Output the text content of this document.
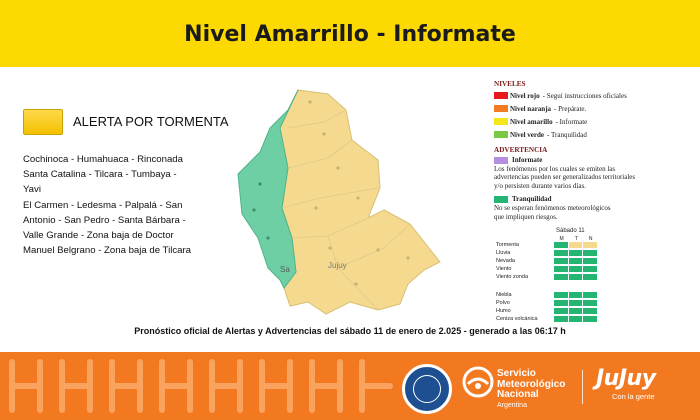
Nivel Amarrillo - Informate
ALERTA POR TORMENTA

Cochinoca - Humahuaca - Rinconada

Santa Catalina - Tilcara - Tumbaya -

Yavi

El Carmen - Ledesma - Palpalá - San

Antonio - San Pedro - Santa Bárbara -

Valle Grande - Zona baja de Doctor

Manuel Belgrano - Zona baja de Tilcara

Jujuy
Sa
NIVELES
Nivel rojo - Seguí instrucciones oficiales
Nivel naranja - Prepárate.
Nivel amarillo - Informate
Nivel verde - Tranquilidad
ADVERTENCIA
Informate
Los fenómenos por los cuales se emiten las
advertencias pueden ser generalizados territoriales
y/o persisten durante varios días.
Tranquilidad
No se esperan fenómenos meteorológicos
que impliquen riesgos.
Sábado 11
M T N
Tormenta
Lluvia
Nevada
Viento
Viento zonda
Niebla
Polvo
Humo
Ceniza volcánica
Pronóstico oficial de Alertas y Advertencias del sábado 11 de enero de 2.025 - generado a las 06:17 h
Servicio
Meteorológico
Nacional
Argentina
JuJuy
Con la gente
